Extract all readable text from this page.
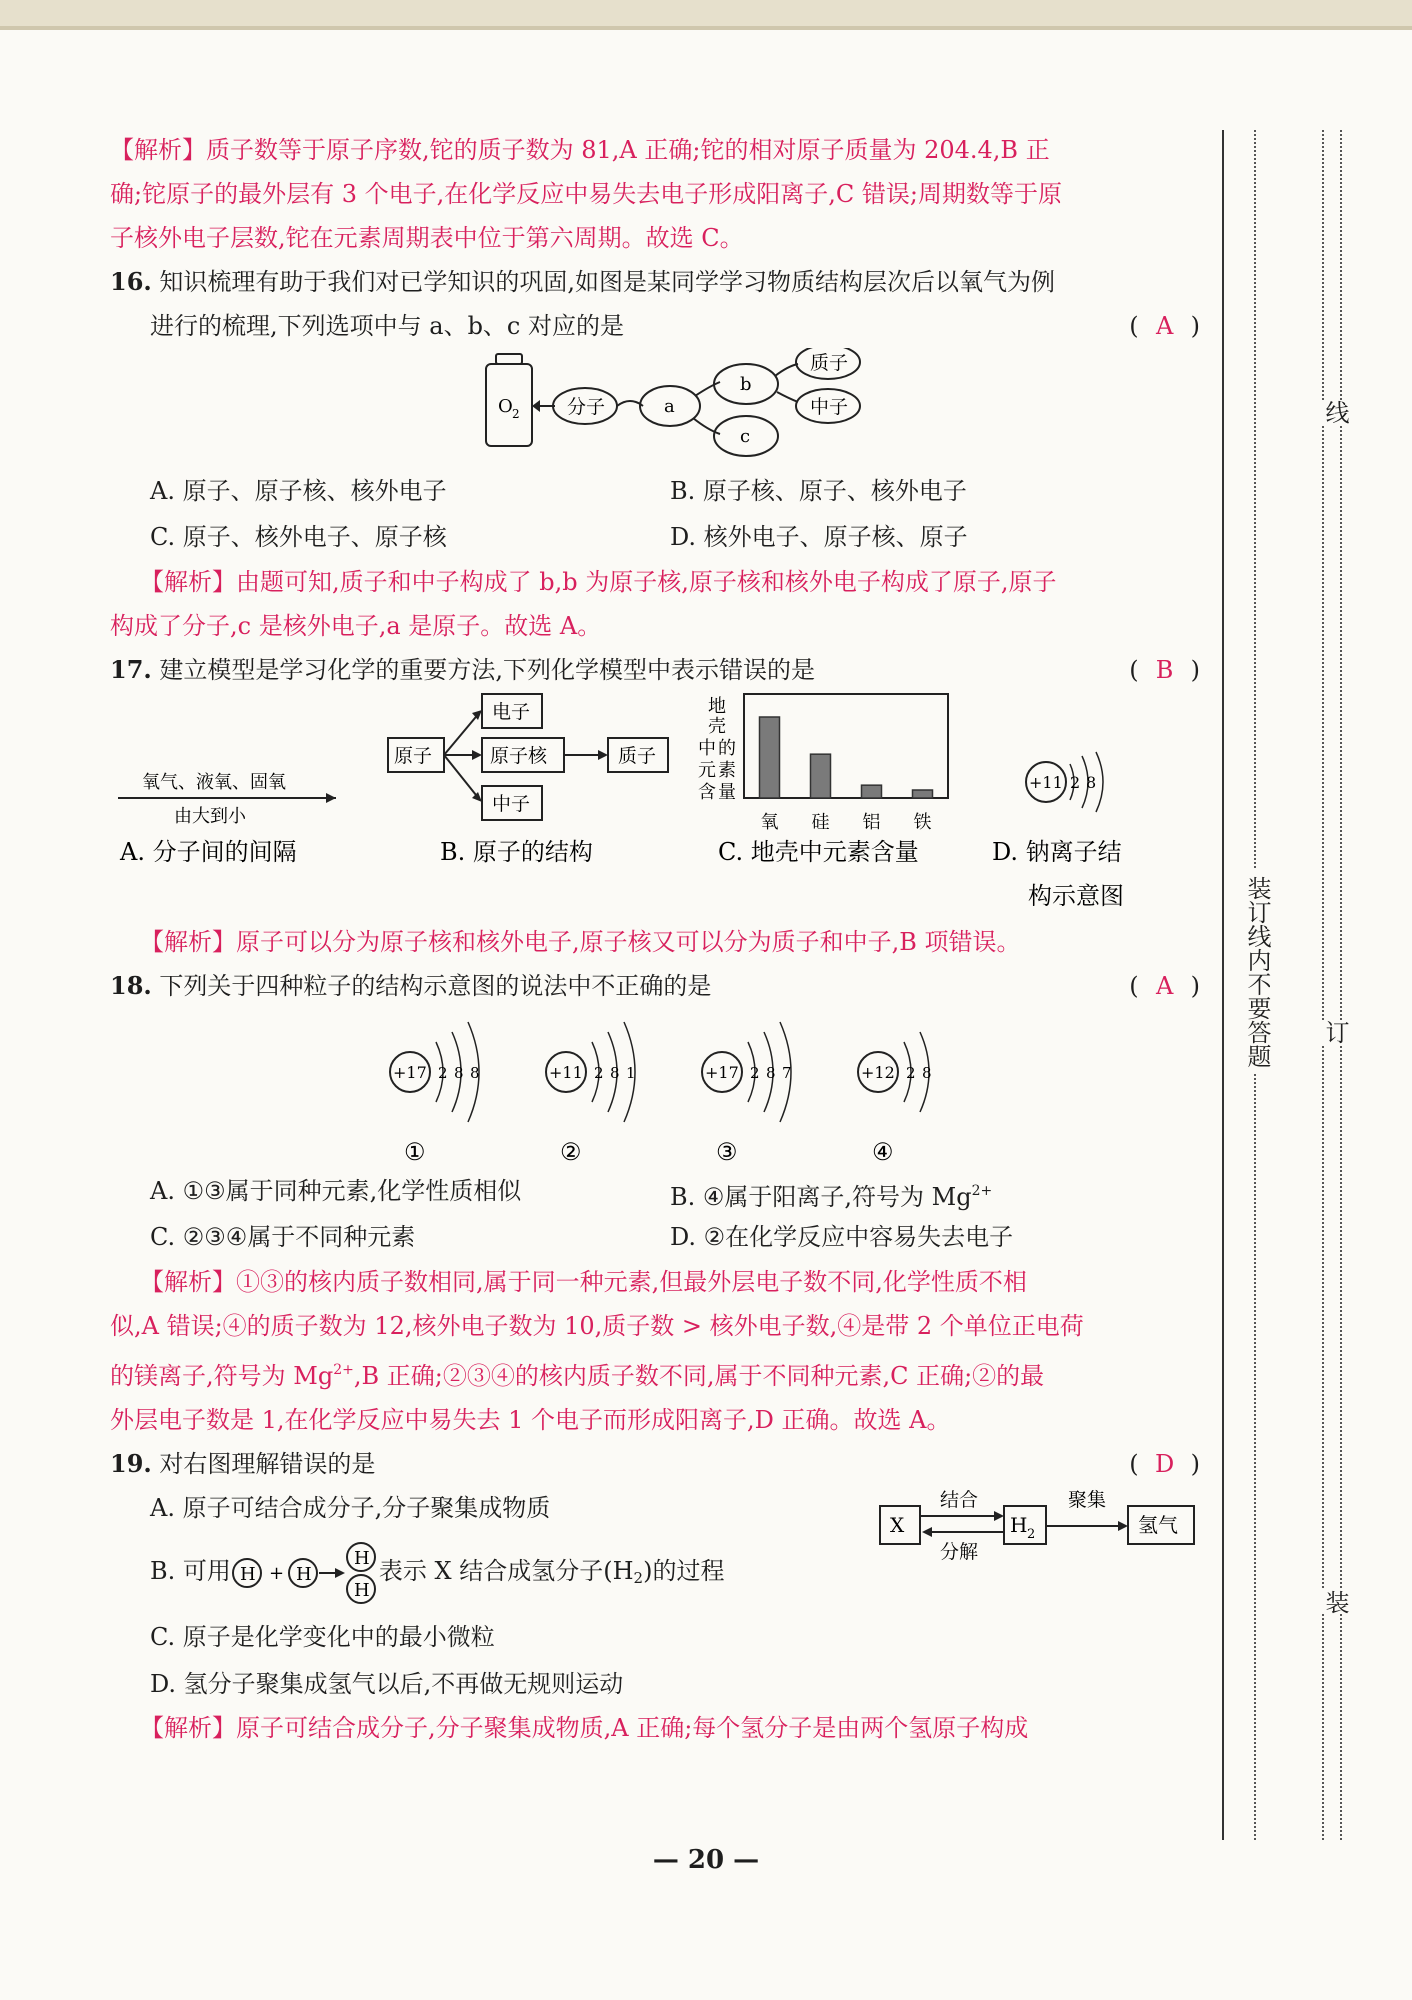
【解析】质子数等于原子序数,铊的质子数为 81,A 正确;铊的相对原子质量为 204.4,B 正

确;铊原子的最外层有 3 个电子,在化学反应中易失去电子形成阳离子,C 错误;周期数等于原

子核外电子层数,铊在元素周期表中位于第六周期。故选 C。

16. 知识梳理有助于我们对已学知识的巩固,如图是某同学学习物质结构层次后以氧气为例

进行的梳理,下列选项中与 a、b、c 对应的是	( A )

O 2 分子	a
b
c
质子
中子
A. 原子、原子核、核外电子	B. 原子核、原子、核外电子
C. 原子、核外电子、原子核	D. 核外电子、原子核、原子

【解析】由题可知,质子和中子构成了 b,b 为原子核,原子核和核外电子构成了原子,原子

构成了分子,c 是核外电子,a 是原子。故选 A。

17. 建立模型是学习化学的重要方法,下列化学模型中表示错误的是	( B )

氧气、液氧、固氧
由大到小
A. 分子间的间隔
原子
电子
原子核
中子
质子
B. 原子的结构
地
壳
中 的
元 素
含 量
氧 硅 铝 铁
C. 地壳中元素含量
+11 2 8
D. 钠离子结
构示意图

【解析】原子可以分为原子核和核外电子,原子核又可以分为质子和中子,B 项错误。

18. 下列关于四种粒子的结构示意图的说法中不正确的是	( A )

+17 2 8 8
①
+11 2 8 1
②
+17 2 8 7
③
+12 2 8
④
A. ①③属于同种元素,化学性质相似	B. ④属于阳离子,符号为 $Mg^{2+}$
C. ②③④属于不同种元素	D. ②在化学反应中容易失去电子

【解析】①③的核内质子数相同,属于同一种元素,但最外层电子数不同,化学性质不相

似,A 错误;④的质子数为 12,核外电子数为 10,质子数 > 核外电子数,④是带 2 个单位正电荷

的镁离子,符号为 $Mg^{2+},B$ 正确;②③④的核内质子数不同,属于不同种元素,C 正确;②的最

外层电子数是 1,在化学反应中易失去 1 个电子而形成阳离子,D 正确。故选 A。

19. 对右图理解错误的是	( D )

X
结合
分解
H 2
聚集
氢气

A. 原子可结合成分子,分子聚集成物质

B. 可用 H + H
H
H
表示 X 结合成氢分子$(H_2)$的过程

C. 原子是化学变化中的最小微粒

D. 氢分子聚集成氢气以后,不再做无规则运动

【解析】原子可结合成分子,分子聚集成物质,A 正确;每个氢分子是由两个氢原子构成

线
装订线内不要答题 订
装
— 20 —
